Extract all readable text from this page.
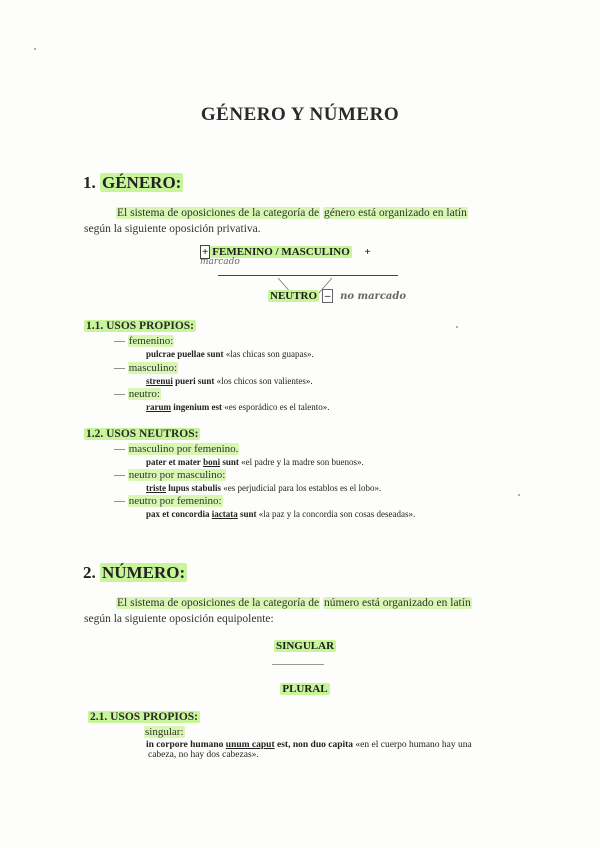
GÉNERO Y NÚMERO
1. GÉNERO:
El sistema de oposiciones de la categoría de género está organizado en latín
según la siguiente oposición privativa.
+ FEMENINO / MASCULINO +
marcado
NEUTRO – no marcado
1.1. USOS PROPIOS:
— femenino:
pulcrae puellae sunt «las chicas son guapas».
— masculino:
strenui pueri sunt «los chicos son valientes».
— neutro:
rarum ingenium est «es esporádico es el talento».
1.2. USOS NEUTROS:
— masculino por femenino.
pater et mater boni sunt «el padre y la madre son buenos».
— neutro por masculino:
triste lupus stabulis «es perjudicial para los establos es el lobo».
— neutro por femenino:
pax et concordia iactata sunt «la paz y la concordia son cosas deseadas».
2. NÚMERO:
El sistema de oposiciones de la categoría de número está organizado en latín
según la siguiente oposición equipolente:
SINGULAR
PLURAL
2.1. USOS PROPIOS:
singular:
in corpore humano unum caput est, non duo capita «en el cuerpo humano hay una
cabeza, no hay dos cabezas».
